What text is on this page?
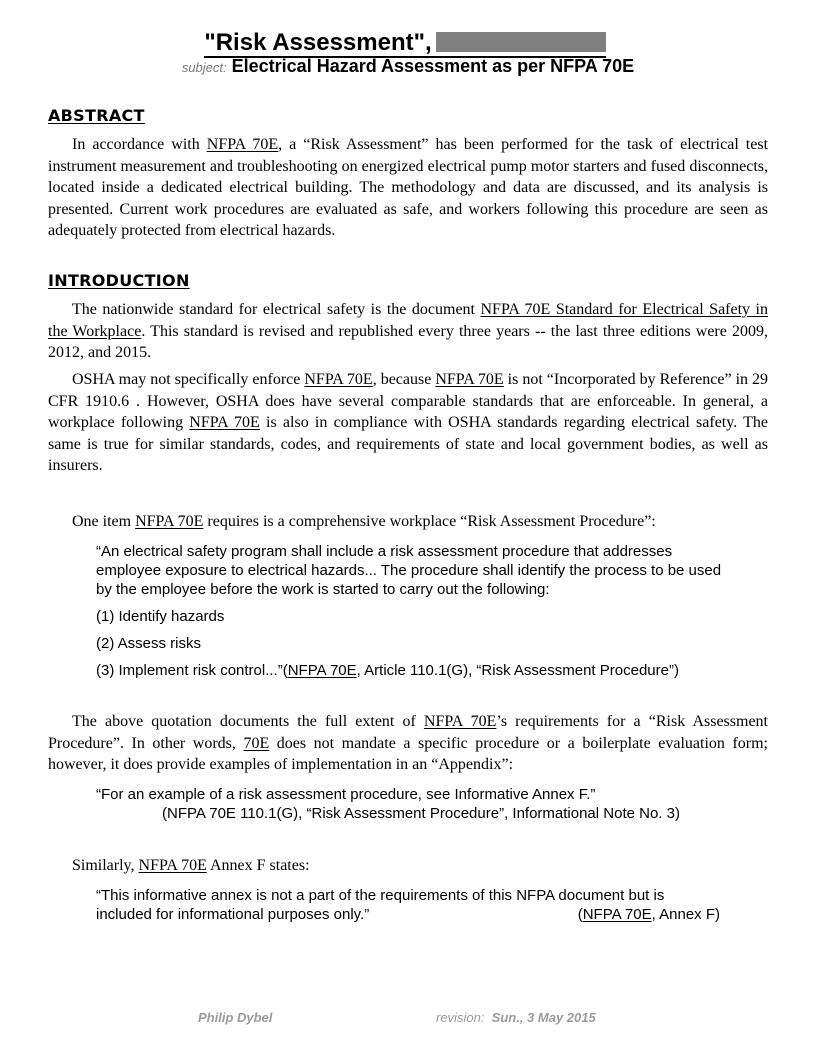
"Risk Assessment",
subject: Electrical Hazard Assessment as per NFPA 70E
ABSTRACT
In accordance with NFPA 70E, a “Risk Assessment” has been performed for the task of electrical test instrument measurement and troubleshooting on energized electrical pump motor starters and fused disconnects, located inside a dedicated electrical building. The methodology and data are discussed, and its analysis is presented. Current work procedures are evaluated as safe, and workers following this procedure are seen as adequately protected from electrical hazards.
INTRODUCTION
The nationwide standard for electrical safety is the document NFPA 70E Standard for Electrical Safety in the Workplace. This standard is revised and republished every three years -- the last three editions were 2009, 2012, and 2015.
OSHA may not specifically enforce NFPA 70E, because NFPA 70E is not “Incorporated by Reference” in 29 CFR 1910.6 . However, OSHA does have several comparable standards that are enforceable. In general, a workplace following NFPA 70E is also in compliance with OSHA standards regarding electrical safety. The same is true for similar standards, codes, and requirements of state and local government bodies, as well as insurers.
One item NFPA 70E requires is a comprehensive workplace “Risk Assessment Procedure”:
“An electrical safety program shall include a risk assessment procedure that addresses employee exposure to electrical hazards... The procedure shall identify the process to be used by the employee before the work is started to carry out the following:
(1) Identify hazards
(2) Assess risks
(3) Implement risk control...”(NFPA 70E, Article 110.1(G), “Risk Assessment Procedure”)
The above quotation documents the full extent of NFPA 70E’s requirements for a “Risk Assessment Procedure”. In other words, 70E does not mandate a specific procedure or a boilerplate evaluation form; however, it does provide examples of implementation in an “Appendix”:
“For an example of a risk assessment procedure, see Informative Annex F.”
(NFPA 70E 110.1(G), “Risk Assessment Procedure”, Informational Note No. 3)
Similarly, NFPA 70E Annex F states:
“This informative annex is not a part of the requirements of this NFPA document but is
included for informational purposes only.”	(NFPA 70E, Annex F)
Philip Dybel	revision: Sun., 3 May 2015
